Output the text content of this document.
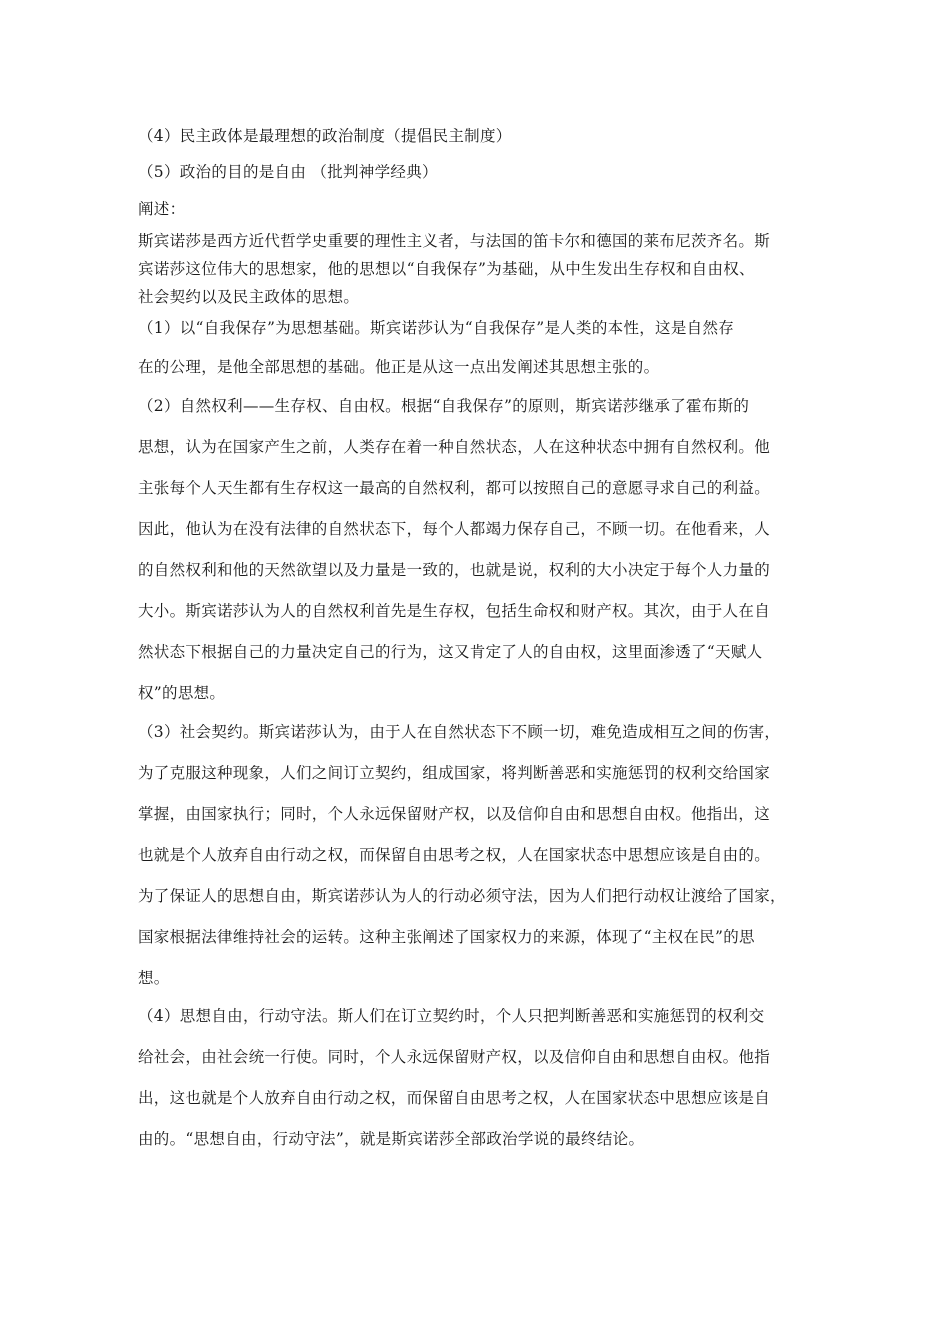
（4）民主政体是最理想的政治制度（提倡民主制度）

（5）政治的目的是自由 （批判神学经典）

阐述：

斯宾诺莎是西方近代哲学史重要的理性主义者，与法国的笛卡尔和德国的莱布尼茨齐名。斯

宾诺莎这位伟大的思想家，他的思想以“自我保存”为基础，从中生发出生存权和自由权、

社会契约以及民主政体的思想。

（1）以“自我保存”为思想基础。斯宾诺莎认为“自我保存”是人类的本性，这是自然存

在的公理，是他全部思想的基础。他正是从这一点出发阐述其思想主张的。

（2）自然权利——生存权、自由权。根据“自我保存”的原则，斯宾诺莎继承了霍布斯的

思想，认为在国家产生之前，人类存在着一种自然状态，人在这种状态中拥有自然权利。他

主张每个人天生都有生存权这一最高的自然权利，都可以按照自己的意愿寻求自己的利益。

因此，他认为在没有法律的自然状态下，每个人都竭力保存自己，不顾一切。在他看来，人

的自然权利和他的天然欲望以及力量是一致的，也就是说，权利的大小决定于每个人力量的

大小。斯宾诺莎认为人的自然权利首先是生存权，包括生命权和财产权。其次，由于人在自

然状态下根据自己的力量决定自己的行为，这又肯定了人的自由权，这里面渗透了“天赋人

权”的思想。

（3）社会契约。斯宾诺莎认为，由于人在自然状态下不顾一切，难免造成相互之间的伤害，

为了克服这种现象，人们之间订立契约，组成国家，将判断善恶和实施惩罚的权利交给国家

掌握，由国家执行；同时，个人永远保留财产权，以及信仰自由和思想自由权。他指出，这

也就是个人放弃自由行动之权，而保留自由思考之权，人在国家状态中思想应该是自由的。

为了保证人的思想自由，斯宾诺莎认为人的行动必须守法，因为人们把行动权让渡给了国家，

国家根据法律维持社会的运转。这种主张阐述了国家权力的来源，体现了“主权在民”的思

想。

（4）思想自由，行动守法。斯人们在订立契约时，个人只把判断善恶和实施惩罚的权利交

给社会，由社会统一行使。同时，个人永远保留财产权，以及信仰自由和思想自由权。他指

出，这也就是个人放弃自由行动之权，而保留自由思考之权，人在国家状态中思想应该是自

由的。“思想自由，行动守法”，就是斯宾诺莎全部政治学说的最终结论。
